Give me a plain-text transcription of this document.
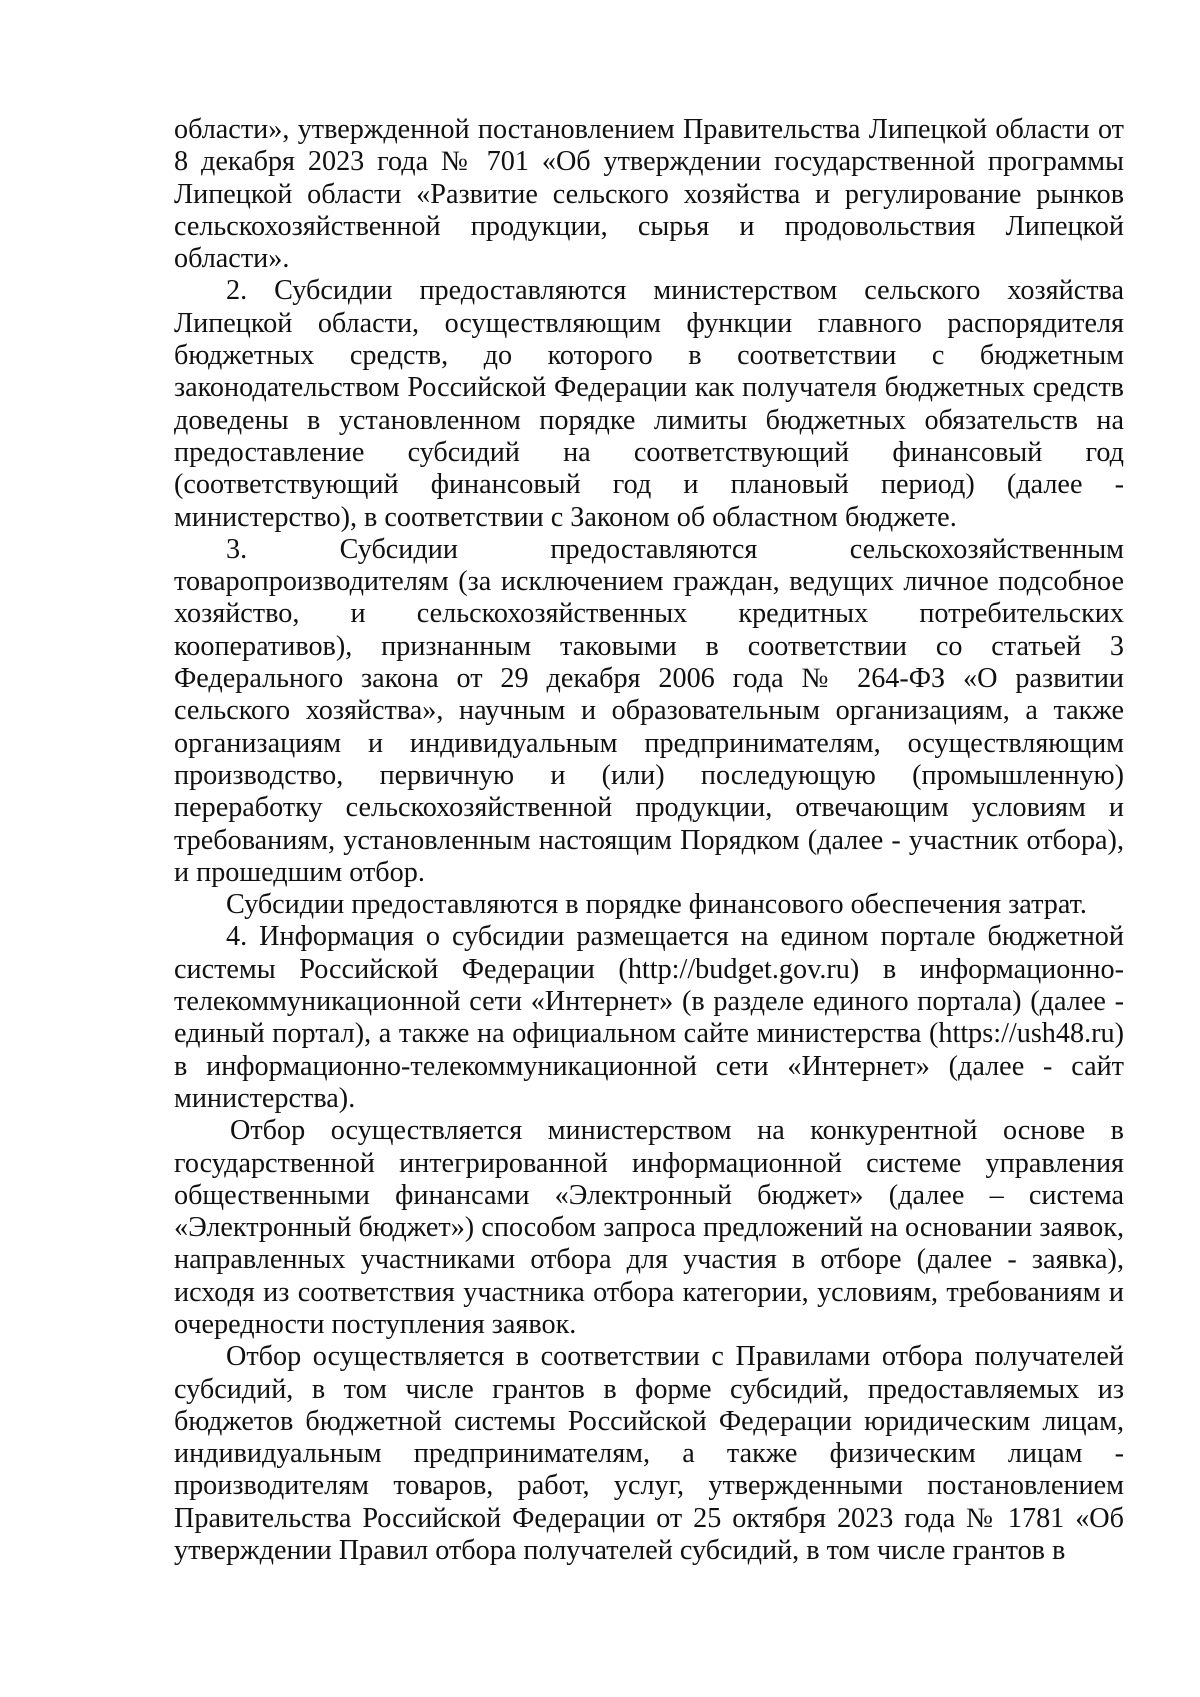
области», утвержденной постановлением Правительства Липецкой области от 8 декабря 2023 года № 701 «Об утверждении государственной программы Липецкой области «Развитие сельского хозяйства и регулирование рынков сельскохозяйственной продукции, сырья и продовольствия Липецкой области».

2. Субсидии предоставляются министерством сельского хозяйства Липецкой области, осуществляющим функции главного распорядителя бюджетных средств, до которого в соответствии с бюджетным законодательством Российской Федерации как получателя бюджетных средств доведены в установленном порядке лимиты бюджетных обязательств на предоставление субсидий на соответствующий финансовый год (соответствующий финансовый год и плановый период) (далее - министерство), в соответствии с Законом об областном бюджете.

3. Субсидии предоставляются сельскохозяйственным товаропроизводителям (за исключением граждан, ведущих личное подсобное хозяйство, и сельскохозяйственных кредитных потребительских кооперативов), признанным таковыми в соответствии со статьей 3 Федерального закона от 29 декабря 2006 года № 264-ФЗ «О развитии сельского хозяйства», научным и образовательным организациям, а также организациям и индивидуальным предпринимателям, осуществляющим производство, первичную и (или) последующую (промышленную) переработку сельскохозяйственной продукции, отвечающим условиям и требованиям, установленным настоящим Порядком (далее - участник отбора), и прошедшим отбор.

Субсидии предоставляются в порядке финансового обеспечения затрат.

4. Информация о субсидии размещается на едином портале бюджетной системы Российской Федерации (http://budget.gov.ru) в информационно-телекоммуникационной сети «Интернет» (в разделе единого портала) (далее - единый портал), а также на официальном сайте министерства (https://ush48.ru) в информационно-телекоммуникационной сети «Интернет» (далее - сайт министерства).

Отбор осуществляется министерством на конкурентной основе в государственной интегрированной информационной системе управления общественными финансами «Электронный бюджет» (далее – система «Электронный бюджет») способом запроса предложений на основании заявок, направленных участниками отбора для участия в отборе (далее - заявка), исходя из соответствия участника отбора категории, условиям, требованиям и очередности поступления заявок.

Отбор осуществляется в соответствии с Правилами отбора получателей субсидий, в том числе грантов в форме субсидий, предоставляемых из бюджетов бюджетной системы Российской Федерации юридическим лицам, индивидуальным предпринимателям, а также физическим лицам - производителям товаров, работ, услуг, утвержденными постановлением Правительства Российской Федерации от 25 октября 2023 года № 1781 «Об утверждении Правил отбора получателей субсидий, в том числе грантов в
